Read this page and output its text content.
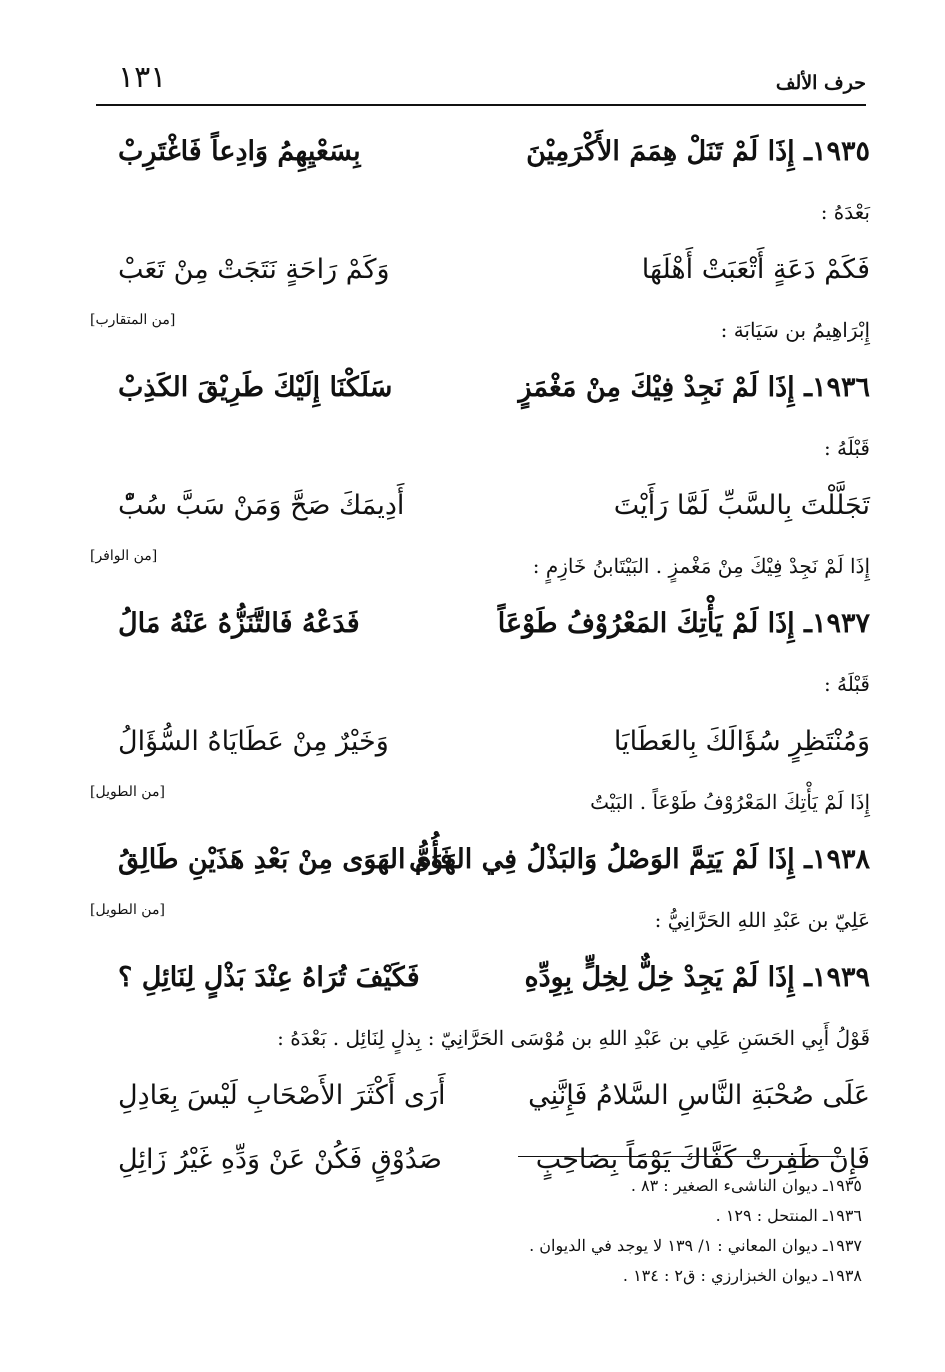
١٣١	حرف الألف
١٩٣٥ـ إِذَا لَمْ تَنَلْ هِمَمَ الأَكْرَمِيْنَ
بِسَعْيِهِمُ وَادِعاً فَاغْتَرِبْ
بَعْدَهُ :
فَكَمْ دَعَةٍ أَتْعَبَتْ أَهْلَهَا
وَكَمْ رَاحَةٍ نَتَجَتْ مِنْ تَعَبْ
إِبْرَاهِيمُ بن سَيَابَة :
[من المتقارب]
١٩٣٦ـ إِذَا لَمْ نَجِدْ فِيْكَ مِنْ مَغْمَزٍ
سَلَكْنَا إِلَيْكَ طَرِيْقَ الكَذِبْ
قَبْلَهُ :
تَجَلَّلْتَ بِالسَّبِّ لَمَّا رَأَيْتَ
أَدِيمَكَ صَحَّ وَمَنْ سَبَّ سُبّْ
إِذَا لَمْ نَجِدْ فِيْكَ مِنْ مَغْمزٍ . البَيْتَابنُ خَازِمٍ :
[من الوافر]
١٩٣٧ـ إِذَا لَمْ يَأْتِكَ المَعْرُوْفُ طَوْعَاً
فَدَعْهُ فَالتَّنَزُّهُ عَنْهُ مَالُ
قَبْلَهُ :
وَمُنْتَظِرٍ سُؤَالَكَ بِالعَطَايَا
وَخَيْرٌ مِنْ عَطَايَاهُ السُّؤَالُ
إِذَا لَمْ يَأْتِكَ المَعْرُوْفُ طَوْعَاً . البَيْتُ
[من الطويل]
١٩٣٨ـ إِذَا لَمْ يَتِمَّ الوَصْلُ وَالبَذْلُ فِي الهَوَى
فَأُمُّ الهَوَى مِنْ بَعْدِ هَذَيْنِ طَالِقُ
عَلِيّ بن عَبْدِ اللهِ الحَرَّانِيُّ :
[من الطويل]
١٩٣٩ـ إِذَا لَمْ يَجِدْ خِلٌّ لِخِلٍّ بِوِدِّهِ
فَكَيْفَ تُرَاهُ عِنْدَ بَذْلٍ لِنَائِلِ ؟
قَوْلُ أَبِي الحَسَنِ عَلِي بن عَبْدِ اللهِ بن مُوْسَى الحَرَّانِيّ : بِذلٍ لِنَائِل . بَعْدَهُ :
عَلَى صُحْبَةِ النَّاسِ السَّلامُ فَإِنَّنِي
أَرَى أَكْثَرَ الأَصْحَابِ لَيْسَ بِعَادِلِ
فَإِنْ ظَفِرتْ كَفَّاكَ يَوْمَاً بِصَاحِبٍ
صَدُوْقٍ فَكُنْ عَنْ وَدِّهِ غَيْرُ زَائِلِ
١٩٣٥ـ ديوان الناشىء الصغير : ٨٣ .
١٩٣٦ـ المنتحل : ١٢٩ .
١٩٣٧ـ ديوان المعاني : ١/ ١٣٩ لا يوجد في الديوان .
١٩٣٨ـ ديوان الخبزارزي : ق٢ : ١٣٤ .
